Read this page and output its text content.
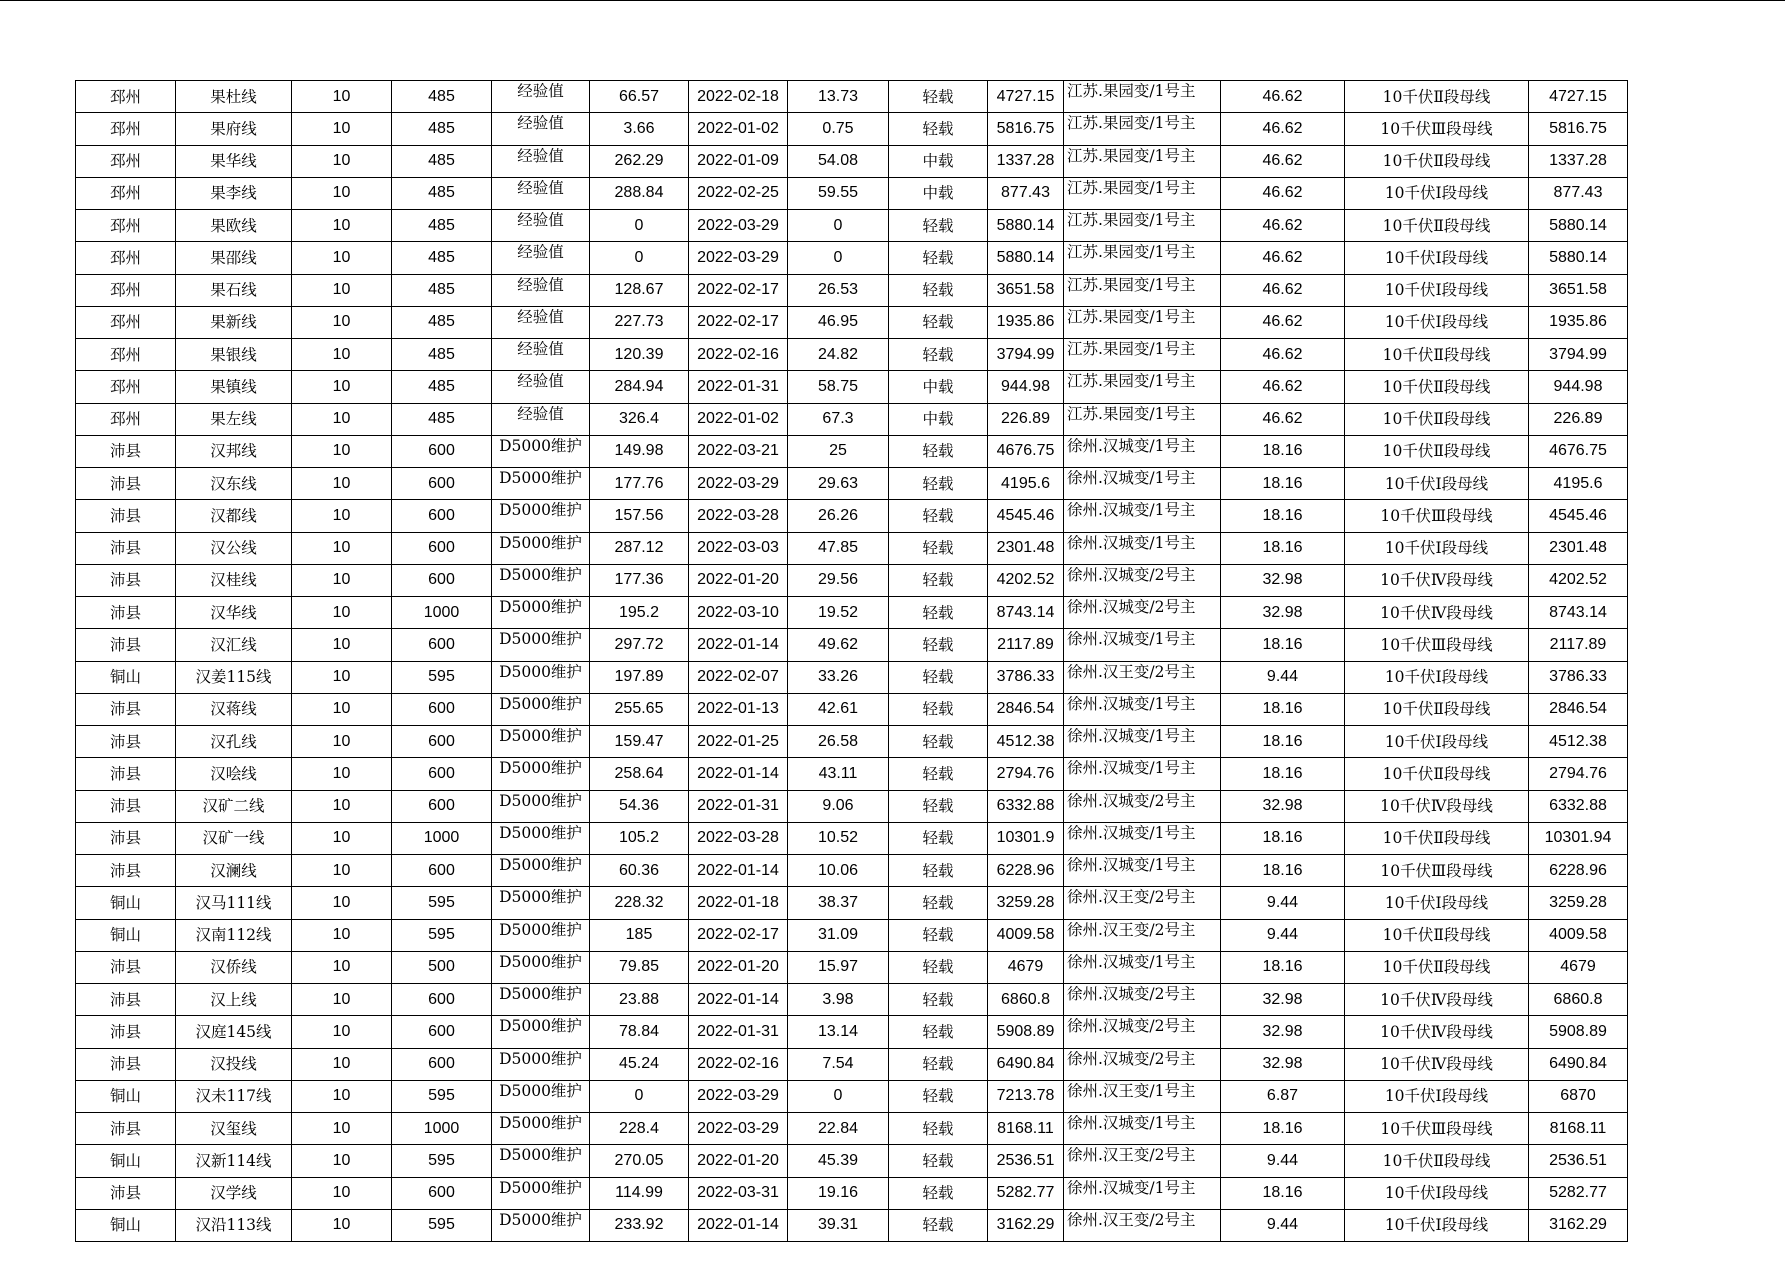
邳州	果杜线	10	485	经验值	66.57	2022-02-18	13.73	轻载	4727.15	江苏.果园变/1号主	46.62	10千伏Ⅱ段母线	4727.15
邳州	果府线	10	485	经验值	3.66	2022-01-02	0.75	轻载	5816.75	江苏.果园变/1号主	46.62	10千伏Ⅲ段母线	5816.75
邳州	果华线	10	485	经验值	262.29	2022-01-09	54.08	中载	1337.28	江苏.果园变/1号主	46.62	10千伏Ⅱ段母线	1337.28
邳州	果李线	10	485	经验值	288.84	2022-02-25	59.55	中载	877.43	江苏.果园变/1号主	46.62	10千伏Ⅰ段母线	877.43
邳州	果欧线	10	485	经验值	0	2022-03-29	0	轻载	5880.14	江苏.果园变/1号主	46.62	10千伏Ⅱ段母线	5880.14
邳州	果邵线	10	485	经验值	0	2022-03-29	0	轻载	5880.14	江苏.果园变/1号主	46.62	10千伏Ⅰ段母线	5880.14
邳州	果石线	10	485	经验值	128.67	2022-02-17	26.53	轻载	3651.58	江苏.果园变/1号主	46.62	10千伏Ⅰ段母线	3651.58
邳州	果新线	10	485	经验值	227.73	2022-02-17	46.95	轻载	1935.86	江苏.果园变/1号主	46.62	10千伏Ⅰ段母线	1935.86
邳州	果银线	10	485	经验值	120.39	2022-02-16	24.82	轻载	3794.99	江苏.果园变/1号主	46.62	10千伏Ⅱ段母线	3794.99
邳州	果镇线	10	485	经验值	284.94	2022-01-31	58.75	中载	944.98	江苏.果园变/1号主	46.62	10千伏Ⅱ段母线	944.98
邳州	果左线	10	485	经验值	326.4	2022-01-02	67.3	中载	226.89	江苏.果园变/1号主	46.62	10千伏Ⅱ段母线	226.89
沛县	汉邦线	10	600	D5000维护	149.98	2022-03-21	25	轻载	4676.75	徐州.汉城变/1号主	18.16	10千伏Ⅱ段母线	4676.75
沛县	汉东线	10	600	D5000维护	177.76	2022-03-29	29.63	轻载	4195.6	徐州.汉城变/1号主	18.16	10千伏Ⅰ段母线	4195.6
沛县	汉都线	10	600	D5000维护	157.56	2022-03-28	26.26	轻载	4545.46	徐州.汉城变/1号主	18.16	10千伏Ⅲ段母线	4545.46
沛县	汉公线	10	600	D5000维护	287.12	2022-03-03	47.85	轻载	2301.48	徐州.汉城变/1号主	18.16	10千伏Ⅰ段母线	2301.48
沛县	汉桂线	10	600	D5000维护	177.36	2022-01-20	29.56	轻载	4202.52	徐州.汉城变/2号主	32.98	10千伏Ⅳ段母线	4202.52
沛县	汉华线	10	1000	D5000维护	195.2	2022-03-10	19.52	轻载	8743.14	徐州.汉城变/2号主	32.98	10千伏Ⅳ段母线	8743.14
沛县	汉汇线	10	600	D5000维护	297.72	2022-01-14	49.62	轻载	2117.89	徐州.汉城变/1号主	18.16	10千伏Ⅲ段母线	2117.89
铜山	汉姜115线	10	595	D5000维护	197.89	2022-02-07	33.26	轻载	3786.33	徐州.汉王变/2号主	9.44	10千伏Ⅰ段母线	3786.33
沛县	汉蒋线	10	600	D5000维护	255.65	2022-01-13	42.61	轻载	2846.54	徐州.汉城变/1号主	18.16	10千伏Ⅱ段母线	2846.54
沛县	汉孔线	10	600	D5000维护	159.47	2022-01-25	26.58	轻载	4512.38	徐州.汉城变/1号主	18.16	10千伏Ⅰ段母线	4512.38
沛县	汉哙线	10	600	D5000维护	258.64	2022-01-14	43.11	轻载	2794.76	徐州.汉城变/1号主	18.16	10千伏Ⅱ段母线	2794.76
沛县	汉矿二线	10	600	D5000维护	54.36	2022-01-31	9.06	轻载	6332.88	徐州.汉城变/2号主	32.98	10千伏Ⅳ段母线	6332.88
沛县	汉矿一线	10	1000	D5000维护	105.2	2022-03-28	10.52	轻载	10301.9	徐州.汉城变/1号主	18.16	10千伏Ⅱ段母线	10301.94
沛县	汉澜线	10	600	D5000维护	60.36	2022-01-14	10.06	轻载	6228.96	徐州.汉城变/1号主	18.16	10千伏Ⅲ段母线	6228.96
铜山	汉马111线	10	595	D5000维护	228.32	2022-01-18	38.37	轻载	3259.28	徐州.汉王变/2号主	9.44	10千伏Ⅰ段母线	3259.28
铜山	汉南112线	10	595	D5000维护	185	2022-02-17	31.09	轻载	4009.58	徐州.汉王变/2号主	9.44	10千伏Ⅱ段母线	4009.58
沛县	汉侨线	10	500	D5000维护	79.85	2022-01-20	15.97	轻载	4679	徐州.汉城变/1号主	18.16	10千伏Ⅱ段母线	4679
沛县	汉上线	10	600	D5000维护	23.88	2022-01-14	3.98	轻载	6860.8	徐州.汉城变/2号主	32.98	10千伏Ⅳ段母线	6860.8
沛县	汉庭145线	10	600	D5000维护	78.84	2022-01-31	13.14	轻载	5908.89	徐州.汉城变/2号主	32.98	10千伏Ⅳ段母线	5908.89
沛县	汉投线	10	600	D5000维护	45.24	2022-02-16	7.54	轻载	6490.84	徐州.汉城变/2号主	32.98	10千伏Ⅳ段母线	6490.84
铜山	汉未117线	10	595	D5000维护	0	2022-03-29	0	轻载	7213.78	徐州.汉王变/1号主	6.87	10千伏Ⅰ段母线	6870
沛县	汉玺线	10	1000	D5000维护	228.4	2022-03-29	22.84	轻载	8168.11	徐州.汉城变/1号主	18.16	10千伏Ⅲ段母线	8168.11
铜山	汉新114线	10	595	D5000维护	270.05	2022-01-20	45.39	轻载	2536.51	徐州.汉王变/2号主	9.44	10千伏Ⅱ段母线	2536.51
沛县	汉学线	10	600	D5000维护	114.99	2022-03-31	19.16	轻载	5282.77	徐州.汉城变/1号主	18.16	10千伏Ⅰ段母线	5282.77
铜山	汉沿113线	10	595	D5000维护	233.92	2022-01-14	39.31	轻载	3162.29	徐州.汉王变/2号主	9.44	10千伏Ⅰ段母线	3162.29
